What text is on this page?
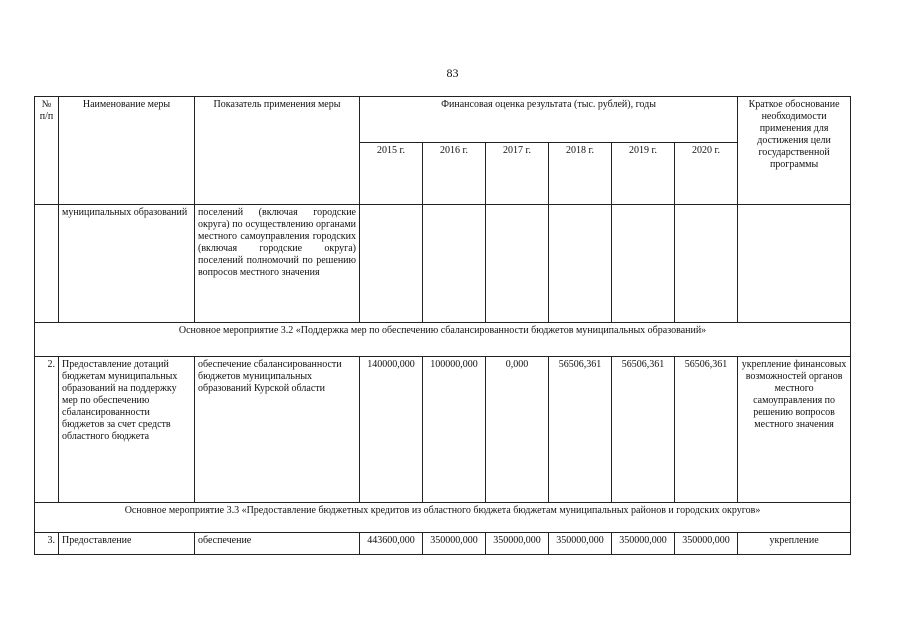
83
№ п/п	Наименование меры	Показатель применения меры	Финансовая оценка результата (тыс. рублей), годы						Краткое обоснование необходимости применения для достижения цели государственной программы
			2015 г.	2016 г.	2017 г.	2018 г.	2019 г.	2020 г.	
	муниципальных образований	поселений (включая городские округа) по осуществлению органами местного самоуправления городских (включая городские округа) поселений полномочий по решению вопросов местного значения							
Основное мероприятие 3.2 «Поддержка мер по обеспечению сбалансированности бюджетов муниципальных образований»									
2.	Предоставление дотаций бюджетам муниципальных образований на поддержку мер по обеспечению сбалансированности бюджетов за счет средств областного бюджета	обеспечение сбалансированности бюджетов муниципальных образований Курской области	140000,000	100000,000	0,000	56506,361	56506,361	56506,361	укрепление финансовых возможностей органов местного самоуправления по решению вопросов местного значения
Основное мероприятие 3.3 «Предоставление бюджетных кредитов из областного бюджета бюджетам муниципальных районов и городских округов»									
3.	Предоставление	обеспечение	443600,000	350000,000	350000,000	350000,000	350000,000	350000,000	укрепление
